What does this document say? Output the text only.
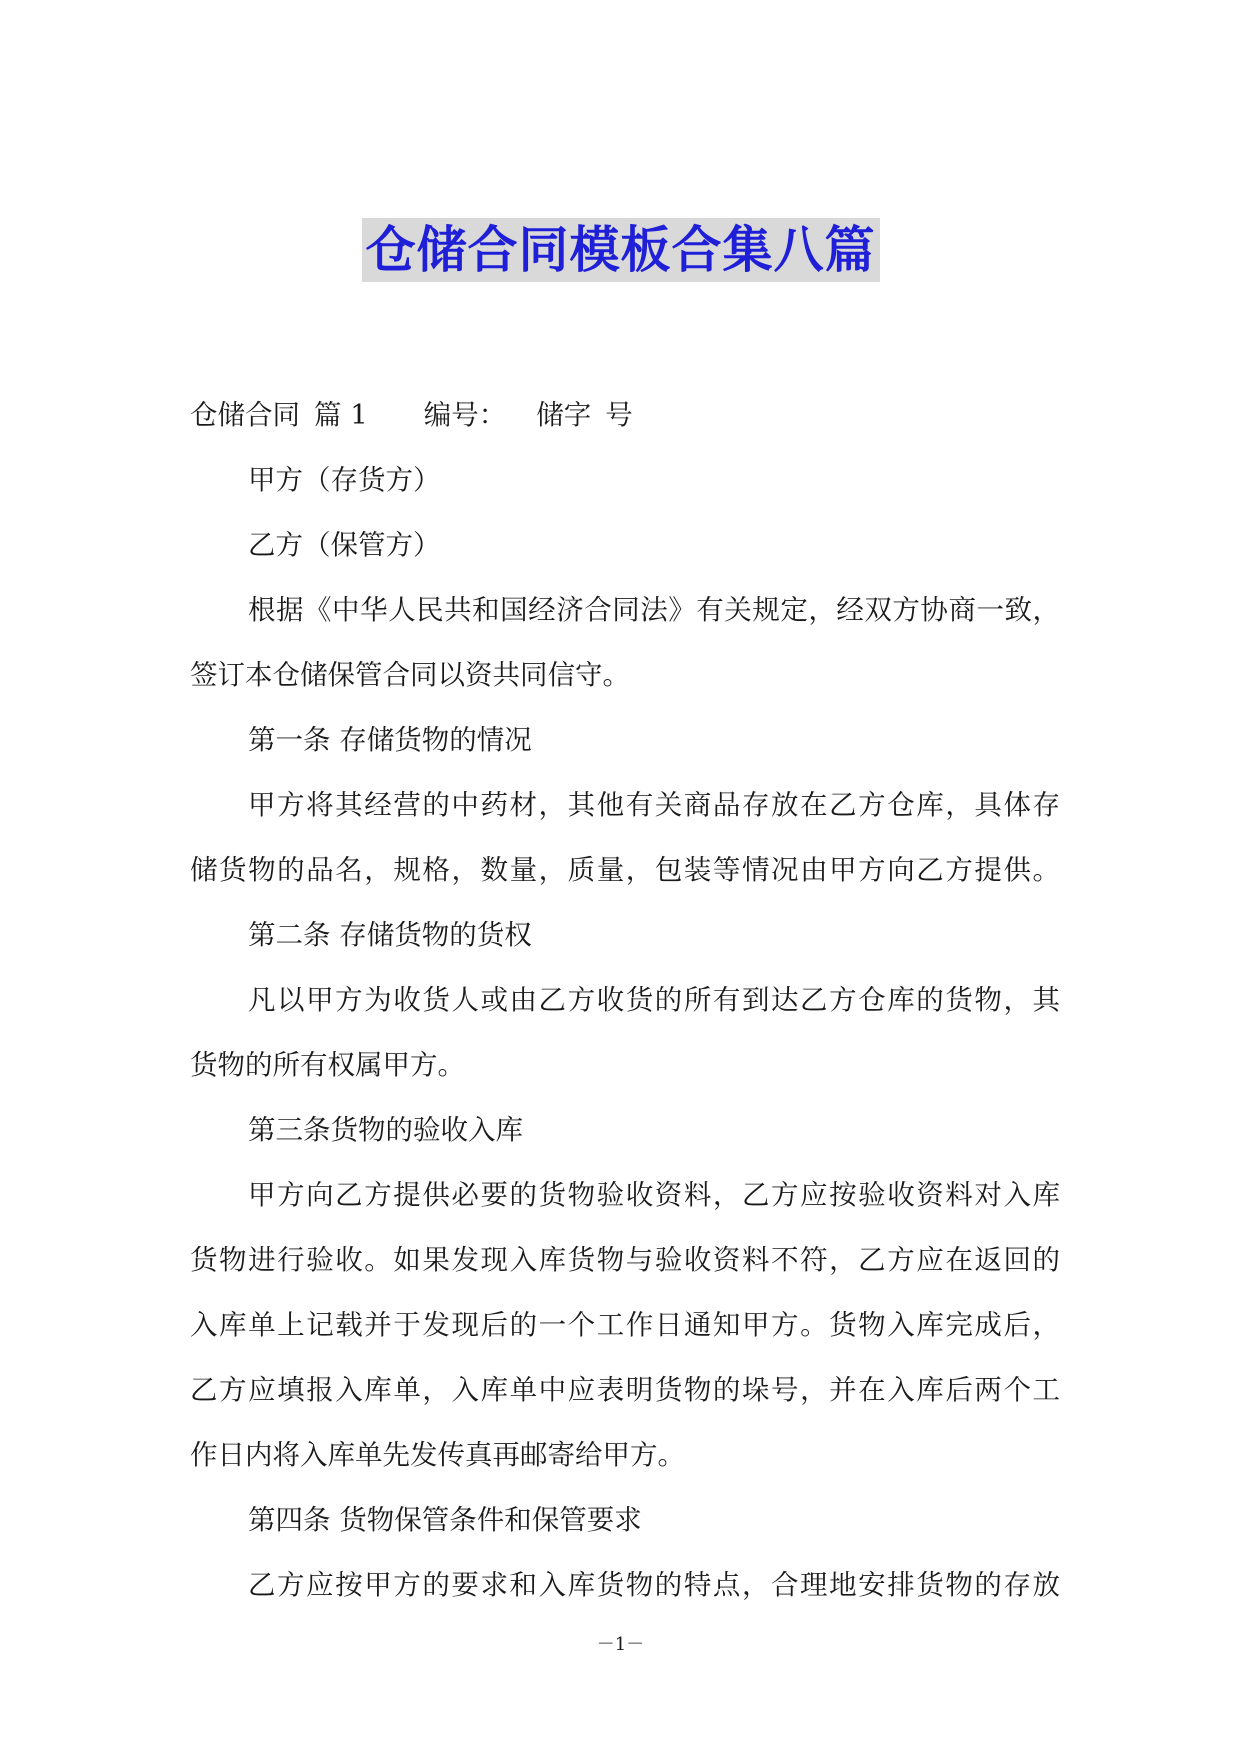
仓储合同模板合集八篇
仓储合同 篇 1 编号： 储字 号
甲方（存货方）
乙方（保管方）
根据《中华人民共和国经济合同法》有关规定，经双方协商一致，
签订本仓储保管合同以资共同信守。
第一条 存储货物的情况
甲方将其经营的中药材，其他有关商品存放在乙方仓库，具体存
储货物的品名，规格，数量，质量，包装等情况由甲方向乙方提供。
第二条 存储货物的货权
凡以甲方为收货人或由乙方收货的所有到达乙方仓库的货物，其
货物的所有权属甲方。
第三条货物的验收入库
甲方向乙方提供必要的货物验收资料，乙方应按验收资料对入库
货物进行验收。如果发现入库货物与验收资料不符，乙方应在返回的
入库单上记载并于发现后的一个工作日通知甲方。货物入库完成后，
乙方应填报入库单，入库单中应表明货物的垛号，并在入库后两个工
作日内将入库单先发传真再邮寄给甲方。
第四条 货物保管条件和保管要求
乙方应按甲方的要求和入库货物的特点，合理地安排货物的存放
－1－
